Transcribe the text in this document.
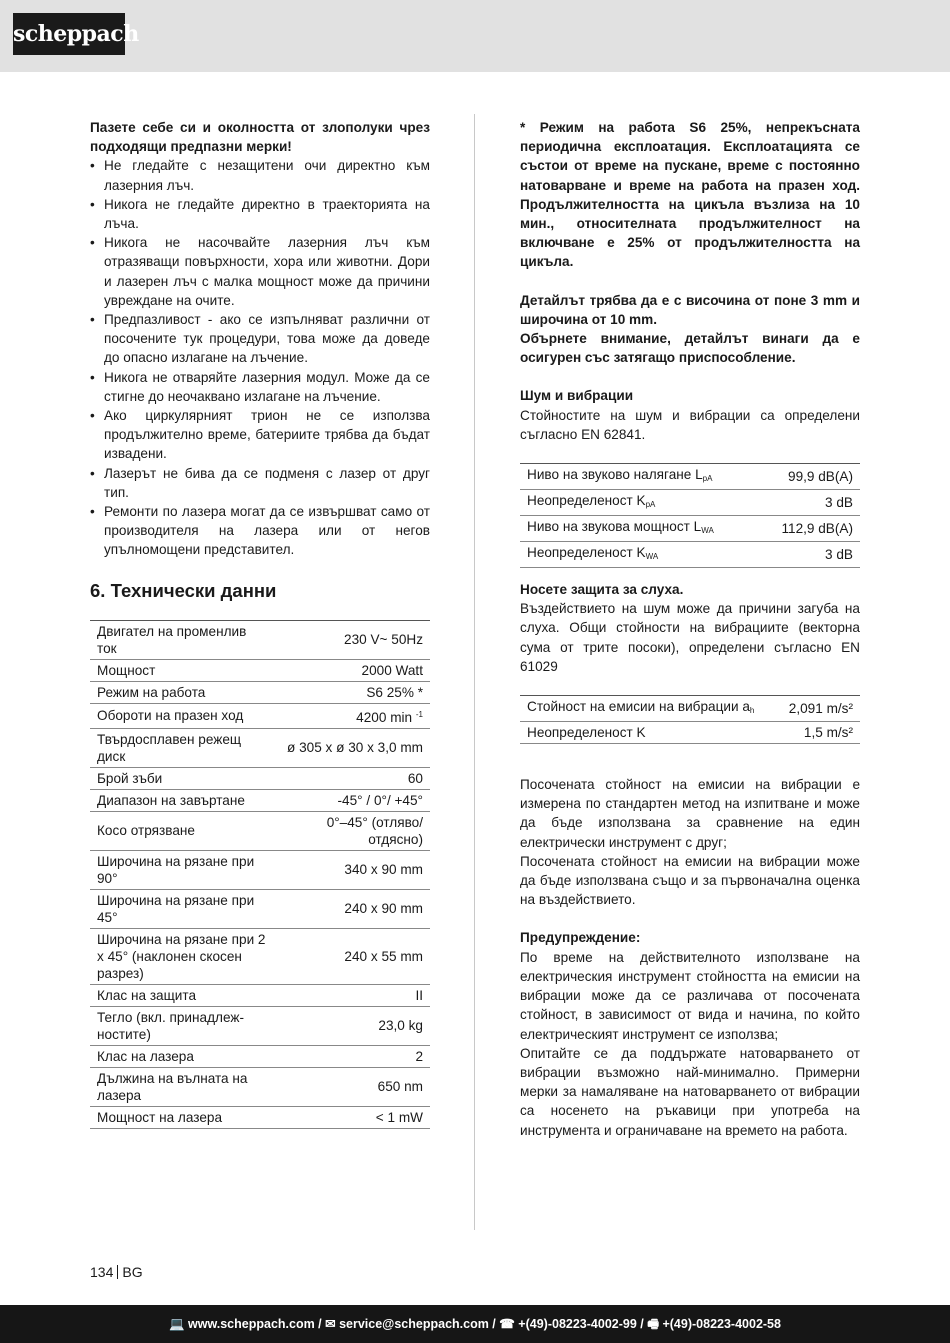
scheppach

Пазете себе си и околността от злополуки чрез подходящи предпазни мерки!

• Не гледайте с незащитени очи директно към лазерния лъч.
• Никога не гледайте директно в траекторията на лъча.
• Никога не насочвайте лазерния лъч към отразяващи повърхности, хора или животни. Дори и лазерен лъч с малка мощност може да причини увреждане на очите.
• Предпазливост - ако се изпълняват различни от посочените тук процедури, това може да доведе до опасно излагане на лъчение.
• Никога не отваряйте лазерния модул. Може да се стигне до неочаквано излагане на лъчение.
• Ако циркулярният трион не се използва продължително време, батериите трябва да бъдат извадени.
• Лазерът не бива да се подменя с лазер от друг тип.
• Ремонти по лазера могат да се извършват само от производителя на лазера или от негов упълномощени представител.
6. Технически данни
Двигател на променлив ток	230 V~ 50Hz
Мощност	2000 Watt
Режим на работа	S6 25% *
Обороти на празен ход	4200 min $^{-1}$
Твърдосплавен режещ диск	ø 305 x ø 30 x 3,0 mm
Брой зъби	60
Диапазон на завъртане	-45° / 0°/ +45°
Косо отрязване	0°–45° (отляво/отдясно)
Широчина на рязане при 90°	340 x 90 mm
Широчина на рязане при 45°	240 x 90 mm
Широчина на рязане при 2 x 45° (наклонен скосен разрез)	240 x 55 mm
Клас на защита	II
Тегло (вкл. принадлежностите)	23,0 kg
Клас на лазера	2
Дължина на вълната на лазера	650 nm
Мощност на лазера	< 1 mW

* Режим на работа S6 25%, непрекъсната периодична експлоатация. Експлоатацията се състои от време на пускане, време с постоянно натоварване и време на работа на празен ход. Продължителността на цикъла възлиза на 10 мин., относителната продължителност на включване е 25% от продължителността на цикъла.

Детайлът трябва да е с височина от поне 3 mm и широчина от 10 mm.

Обърнете внимание, детайлът винаги да е осигурен със затягащо приспособление.

Шум и вибрации

Стойностите на шум и вибрации са определени съгласно EN 62841.

Ниво на звуково налягане $L_{pA}$	99,9 dB(A)
Неопределеност $K_{pA}$	3 dB
Ниво на звукова мощност $L_{WA}$	112,9 dB(A)
Неопределеност $K_{WA}$	3 dB

Носете защита за слуха.

Въздействието на шум може да причини загуба на слуха. Общи стойности на вибрациите (векторна сума от трите посоки), определени съгласно EN 61029

Стойност на емисии на вибрации $a_h$	2,091 m/s²
Неопределеност K	1,5 m/s²

Посочената стойност на емисии на вибрации е измерена по стандартен метод на изпитване и може да бъде използвана за сравнение на един електрически инструмент с друг;

Посочената стойност на емисии на вибрации може да бъде използвана също и за първоначална оценка на въздействието.

Предупреждение:

По време на действителното използване на електрическия инструмент стойността на емисии на вибрации може да се различава от посочената стойност, в зависимост от вида и начина, по който електрическият инструмент се използва;

Опитайте се да поддържате натоварването от вибрации възможно най-минимално. Примерни мерки за намаляване на натоварването от вибрации са носенето на ръкавици при употреба на инструмента и ограничаване на времето на работа.

134 BG
💻 www.scheppach.com / ✉ service@scheppach.com / ☎ +(49)-08223-4002-99 / 🖷 +(49)-08223-4002-58
